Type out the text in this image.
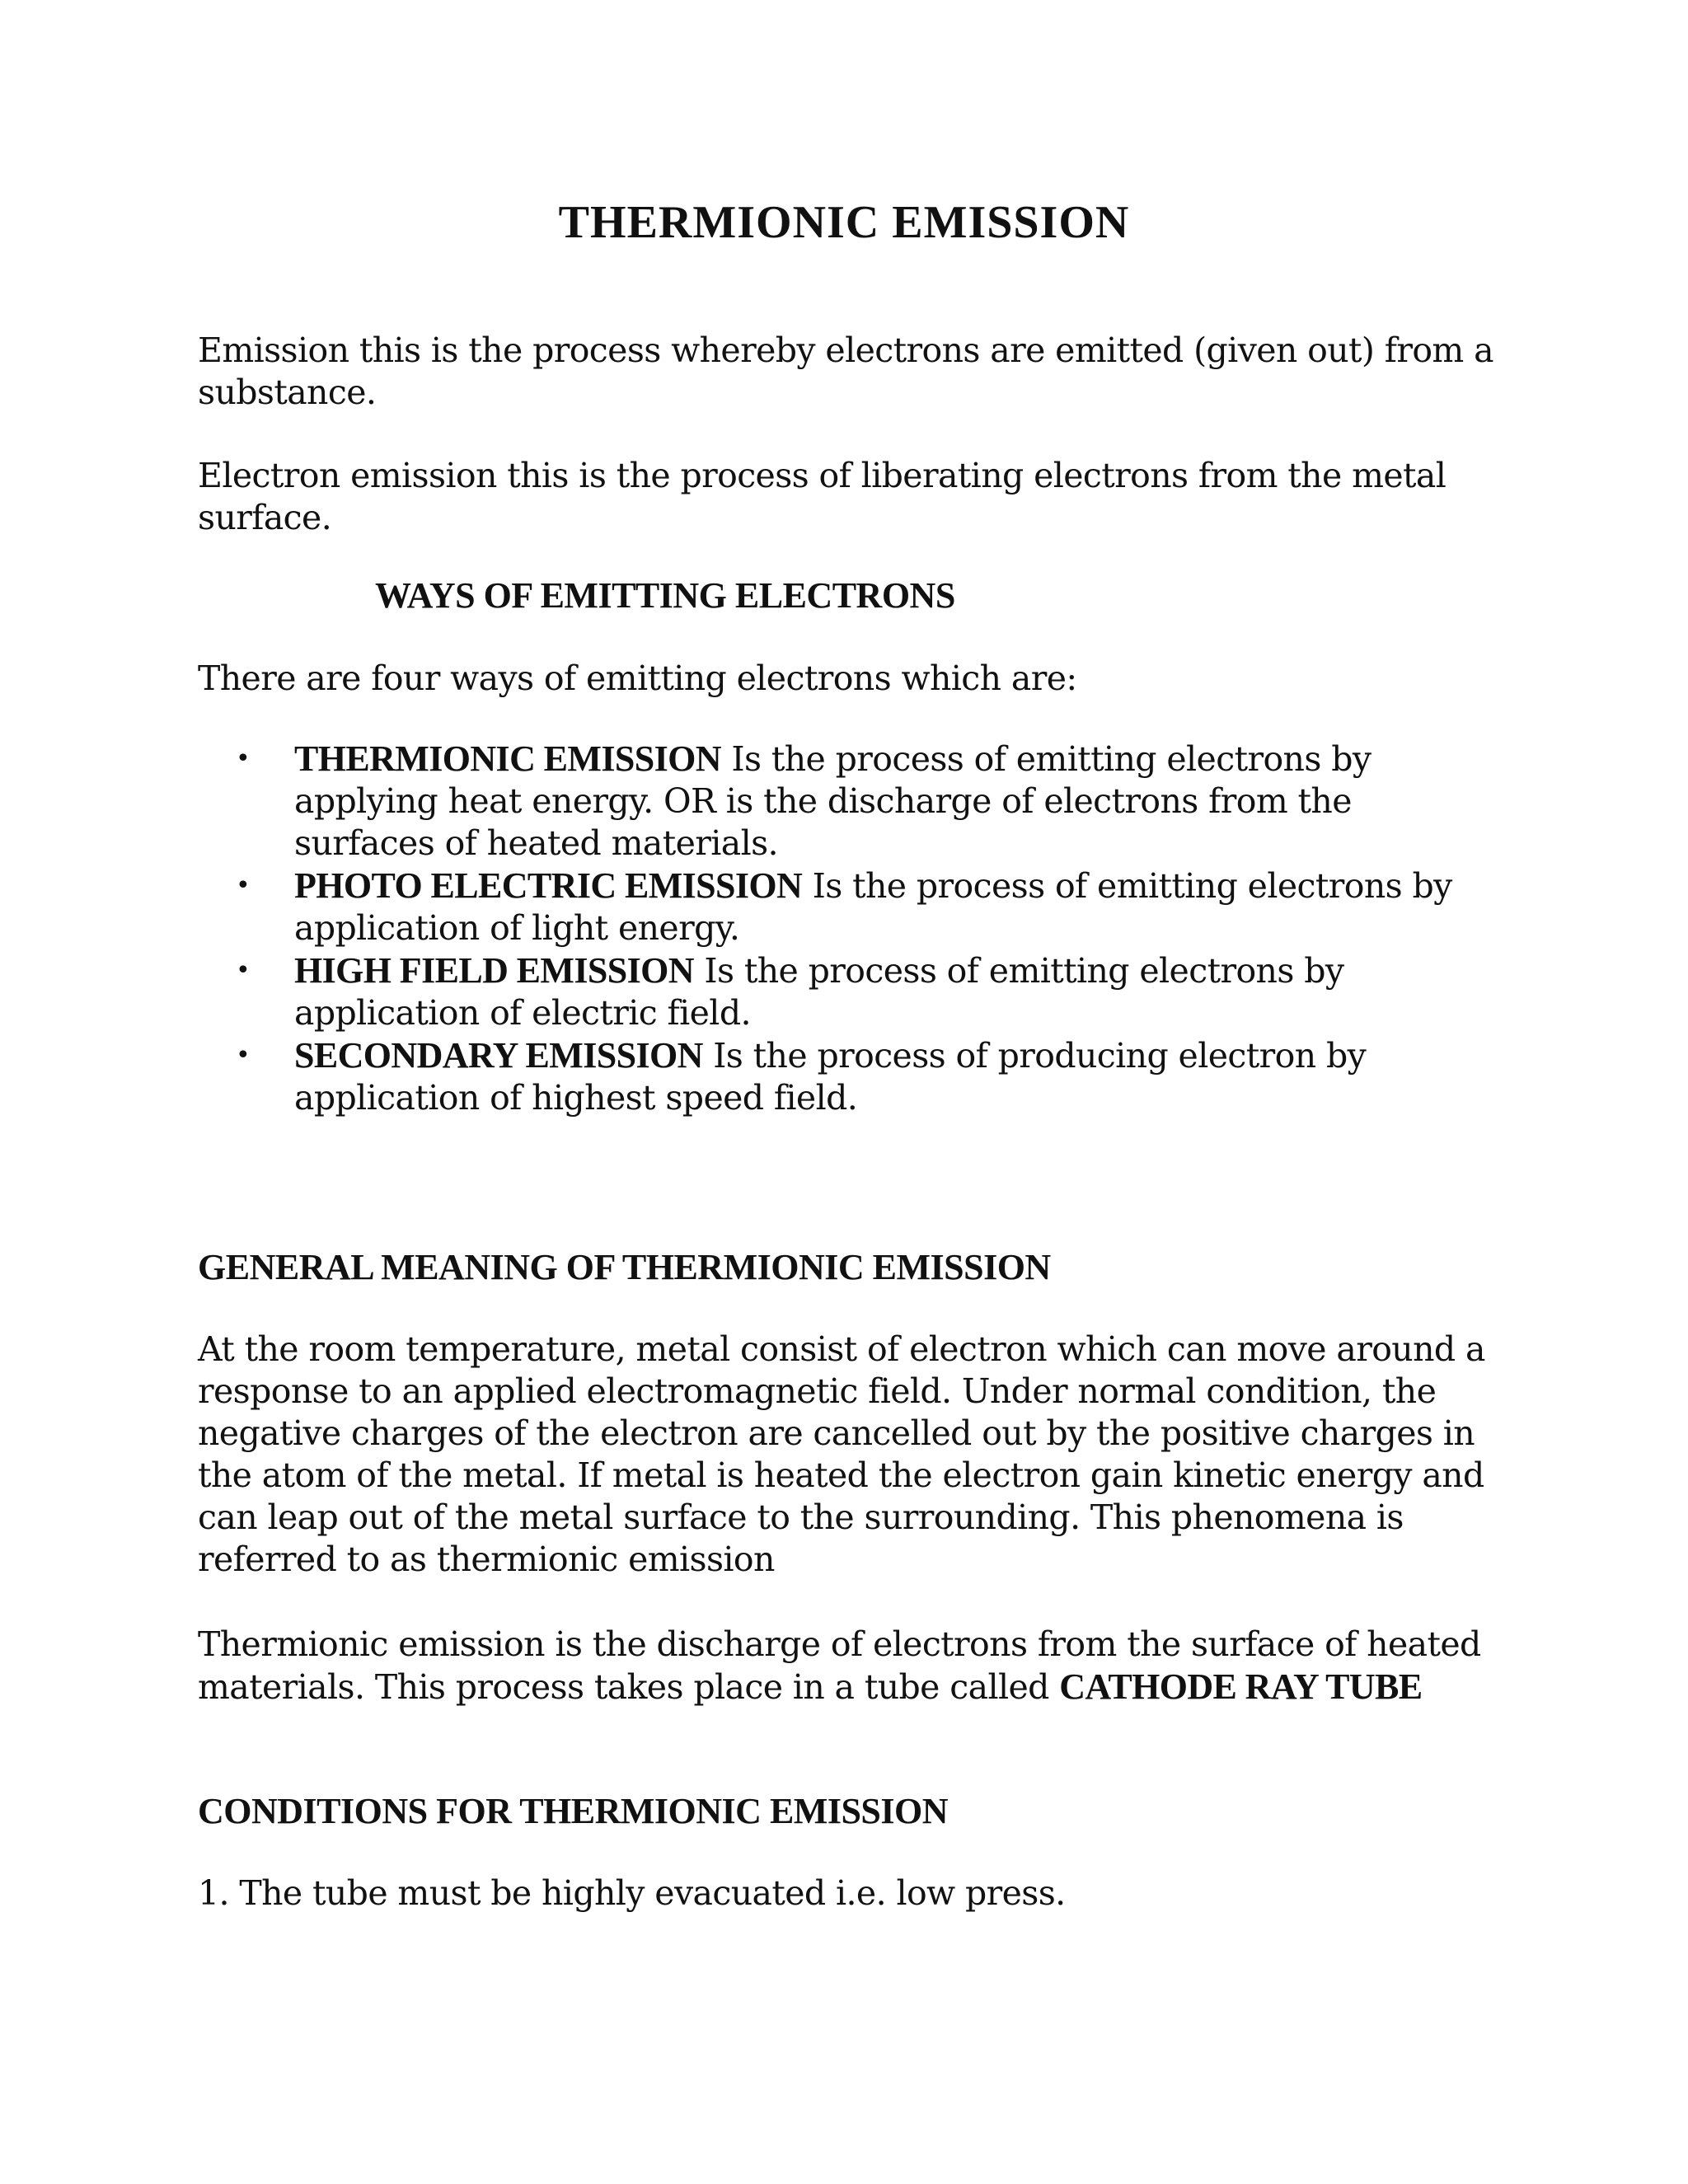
THERMIONIC EMISSION

Emission this is the process whereby electrons are emitted (given out) from a substance.

Electron emission this is the process of liberating electrons from the metal surface.

WAYS OF EMITTING ELECTRONS

There are four ways of emitting electrons which are:

• THERMIONIC EMISSION Is the process of emitting electrons by applying heat energy. OR is the discharge of electrons from the surfaces of heated materials.
• PHOTO ELECTRIC EMISSION Is the process of emitting electrons by application of light energy.
• HIGH FIELD EMISSION Is the process of emitting electrons by application of electric field.
• SECONDARY EMISSION Is the process of producing electron by application of highest speed field.
GENERAL MEANING OF THERMIONIC EMISSION

At the room temperature, metal consist of electron which can move around a response to an applied electromagnetic field. Under normal condition, the negative charges of the electron are cancelled out by the positive charges in the atom of the metal. If metal is heated the electron gain kinetic energy and can leap out of the metal surface to the surrounding. This phenomena is referred to as thermionic emission

Thermionic emission is the discharge of electrons from the surface of heated materials. This process takes place in a tube called CATHODE RAY TUBE

CONDITIONS FOR THERMIONIC EMISSION

1. The tube must be highly evacuated i.e. low press.
